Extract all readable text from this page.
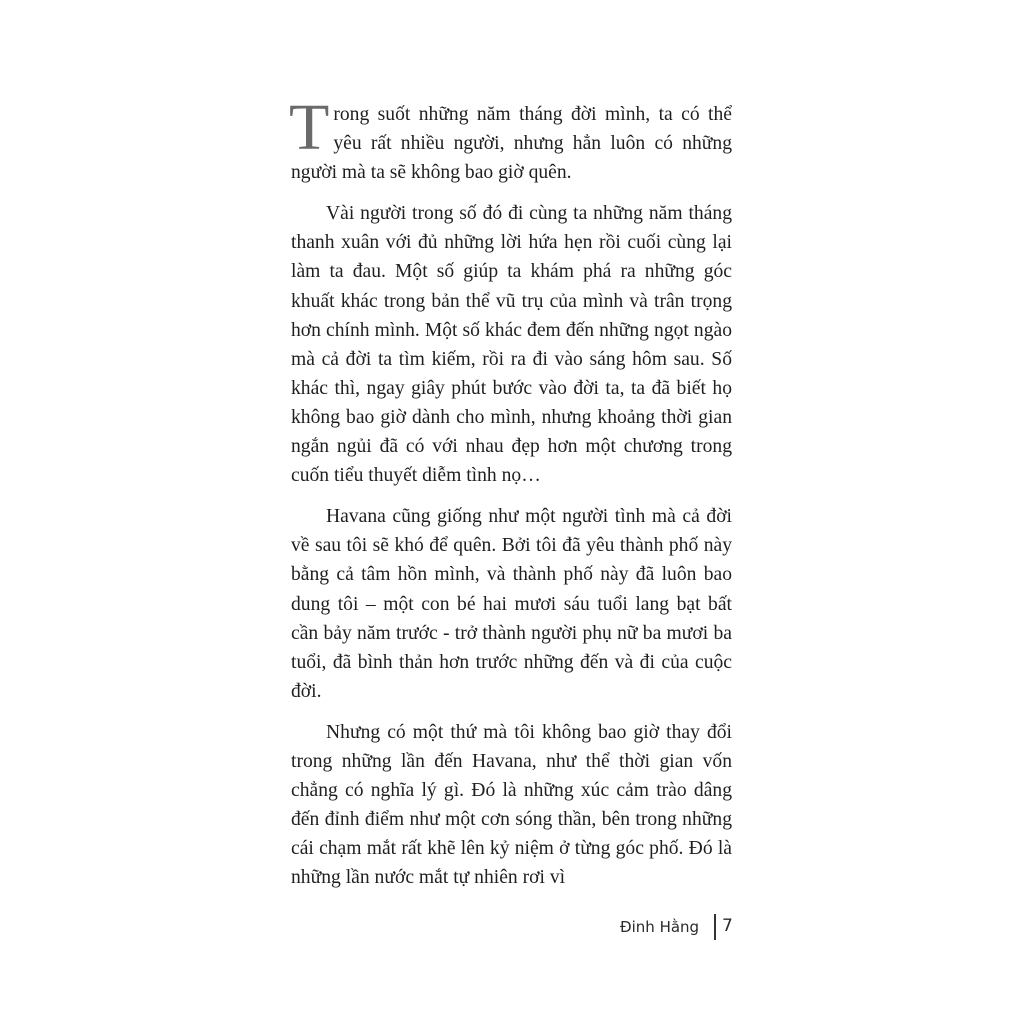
Trong suốt những năm tháng đời mình, ta có thể yêu rất nhiều người, nhưng hẳn luôn có những người mà ta sẽ không bao giờ quên.

Vài người trong số đó đi cùng ta những năm tháng thanh xuân với đủ những lời hứa hẹn rồi cuối cùng lại làm ta đau. Một số giúp ta khám phá ra những góc khuất khác trong bản thể vũ trụ của mình và trân trọng hơn chính mình. Một số khác đem đến những ngọt ngào mà cả đời ta tìm kiếm, rồi ra đi vào sáng hôm sau. Số khác thì, ngay giây phút bước vào đời ta, ta đã biết họ không bao giờ dành cho mình, nhưng khoảng thời gian ngắn ngủi đã có với nhau đẹp hơn một chương trong cuốn tiểu thuyết diễm tình nọ…

Havana cũng giống như một người tình mà cả đời về sau tôi sẽ khó để quên. Bởi tôi đã yêu thành phố này bằng cả tâm hồn mình, và thành phố này đã luôn bao dung tôi – một con bé hai mươi sáu tuổi lang bạt bất cần bảy năm trước - trở thành người phụ nữ ba mươi ba tuổi, đã bình thản hơn trước những đến và đi của cuộc đời.

Nhưng có một thứ mà tôi không bao giờ thay đổi trong những lần đến Havana, như thể thời gian vốn chẳng có nghĩa lý gì. Đó là những xúc cảm trào dâng đến đỉnh điểm như một cơn sóng thần, bên trong những cái chạm mắt rất khẽ lên kỷ niệm ở từng góc phố. Đó là những lần nước mắt tự nhiên rơi vì

Đinh Hằng 7
